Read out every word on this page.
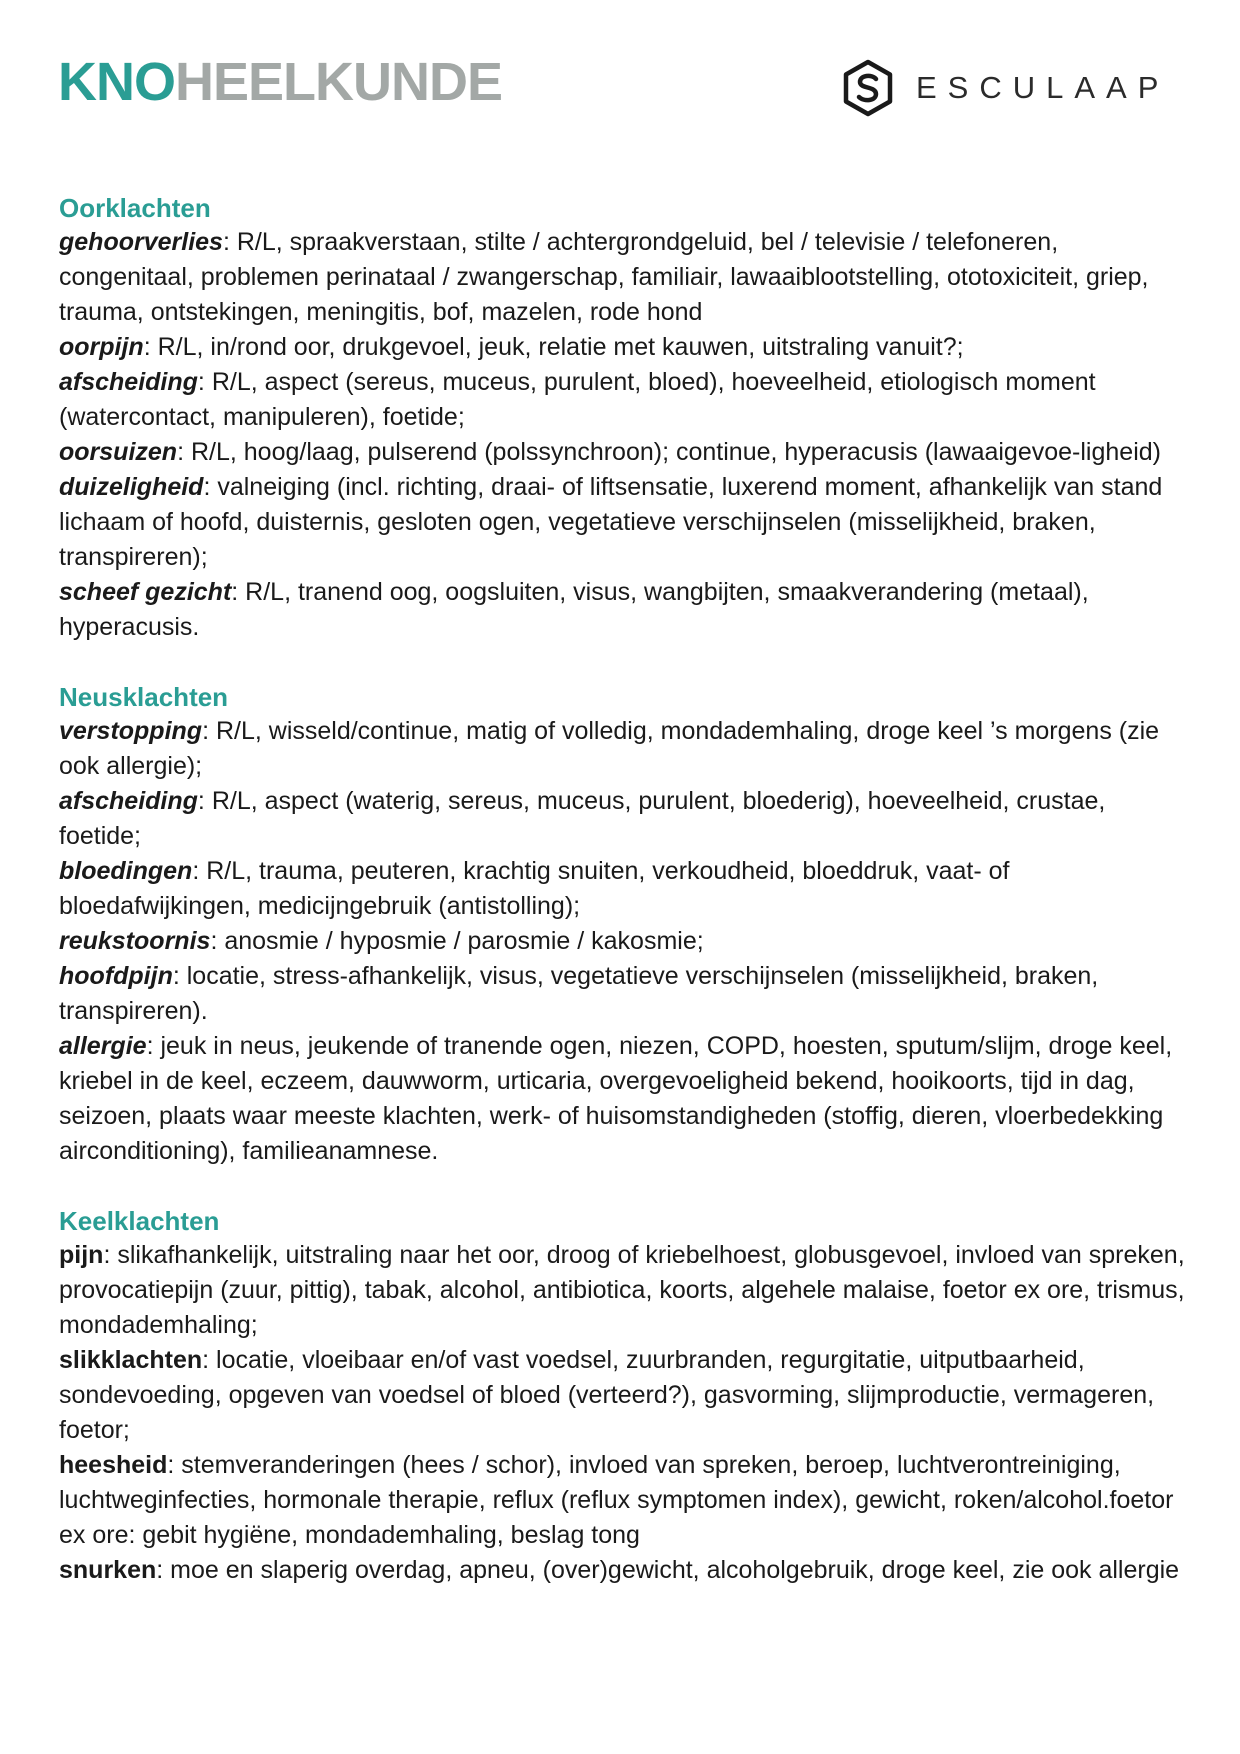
KNOHEELKUNDE	ESCULAAP
Oorklachten

gehoorverlies: R/L, spraakverstaan, stilte / achtergrondgeluid, bel / televisie / telefoneren, congenitaal, problemen perinataal / zwangerschap, familiair, lawaaiblootstelling, ototoxiciteit, griep, trauma, ontstekingen, meningitis, bof, mazelen, rode hond

oorpijn: R/L, in/rond oor, drukgevoel, jeuk, relatie met kauwen, uitstraling vanuit?;

afscheiding: R/L, aspect (sereus, muceus, purulent, bloed), hoeveelheid, etiologisch moment (watercontact, manipuleren), foetide;

oorsuizen: R/L, hoog/laag, pulserend (polssynchroon); continue, hyperacusis (lawaaigevoe-ligheid)

duizeligheid: valneiging (incl. richting, draai- of liftsensatie, luxerend moment, afhankelijk van stand lichaam of hoofd, duisternis, gesloten ogen, vegetatieve verschijnselen (misselijkheid, braken, transpireren);

scheef gezicht: R/L, tranend oog, oogsluiten, visus, wangbijten, smaakverandering (metaal), hyperacusis.

Neusklachten

verstopping: R/L, wisseld/continue, matig of volledig, mondademhaling, droge keel ’s morgens (zie ook allergie);

afscheiding: R/L, aspect (waterig, sereus, muceus, purulent, bloederig), hoeveelheid, crustae, foetide;

bloedingen: R/L, trauma, peuteren, krachtig snuiten, verkoudheid, bloeddruk, vaat- of bloedafwijkingen, medicijngebruik (antistolling);

reukstoornis: anosmie / hyposmie / parosmie / kakosmie;

hoofdpijn: locatie, stress-afhankelijk, visus, vegetatieve verschijnselen (misselijkheid, braken, transpireren).

allergie: jeuk in neus, jeukende of tranende ogen, niezen, COPD, hoesten, sputum/slijm, droge keel, kriebel in de keel, eczeem, dauwworm, urticaria, overgevoeligheid bekend, hooikoorts, tijd in dag, seizoen, plaats waar meeste klachten, werk- of huisomstandigheden (stoffig, dieren, vloerbedekking airconditioning), familieanamnese.

Keelklachten

pijn: slikafhankelijk, uitstraling naar het oor, droog of kriebelhoest, globusgevoel, invloed van spreken, provocatiepijn (zuur, pittig), tabak, alcohol, antibiotica, koorts, algehele malaise, foetor ex ore, trismus, mondademhaling;

slikklachten: locatie, vloeibaar en/of vast voedsel, zuurbranden, regurgitatie, uitputbaarheid, sondevoeding, opgeven van voedsel of bloed (verteerd?), gasvorming, slijmproductie, vermageren, foetor;

heesheid: stemveranderingen (hees / schor), invloed van spreken, beroep, luchtverontreiniging, luchtweginfecties, hormonale therapie, reflux (reflux symptomen index), gewicht, roken/alcohol.foetor ex ore: gebit hygiëne, mondademhaling, beslag tong

snurken: moe en slaperig overdag, apneu, (over)gewicht, alcoholgebruik, droge keel, zie ook allergie
